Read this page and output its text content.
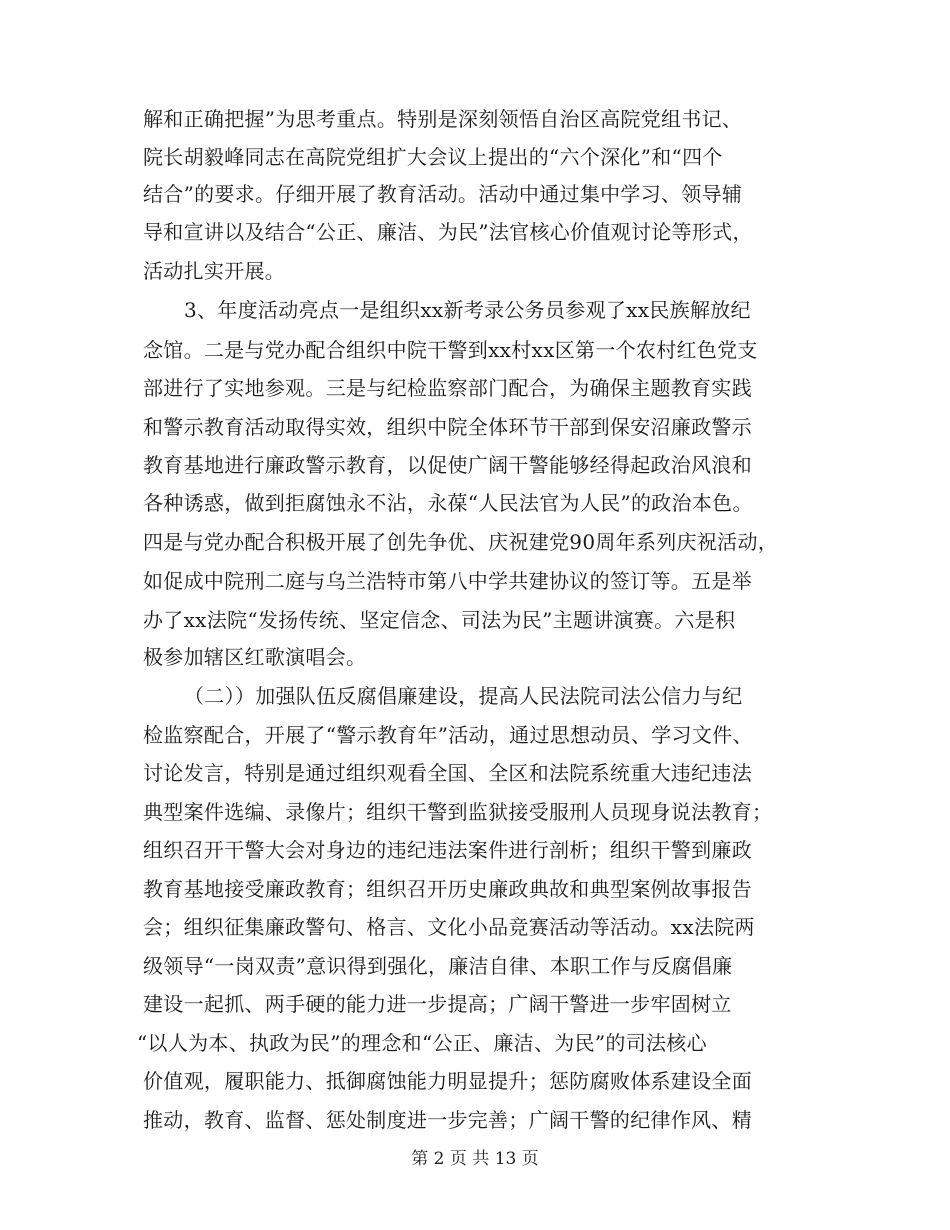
解和正确把握”为思考重点。特别是深刻领悟自治区高院党组书记、
院长胡毅峰同志在高院党组扩大会议上提出的“六个深化”和“四个
结合”的要求。仔细开展了教育活动。活动中通过集中学习、领导辅
导和宣讲以及结合“公正、廉洁、为民”法官核心价值观讨论等形式，
活动扎实开展。
3、年度活动亮点一是组织xx新考录公务员参观了xx民族解放纪
念馆。二是与党办配合组织中院干警到xx村xx区第一个农村红色党支
部进行了实地参观。三是与纪检监察部门配合，为确保主题教育实践
和警示教育活动取得实效，组织中院全体环节干部到保安沼廉政警示
教育基地进行廉政警示教育，以促使广阔干警能够经得起政治风浪和
各种诱惑，做到拒腐蚀永不沾，永葆“人民法官为人民”的政治本色。
四是与党办配合积极开展了创先争优、庆祝建党90周年系列庆祝活动，
如促成中院刑二庭与乌兰浩特市第八中学共建协议的签订等。五是举
办了xx法院“发扬传统、坚定信念、司法为民”主题讲演赛。六是积
极参加辖区红歌演唱会。
（二））加强队伍反腐倡廉建设，提高人民法院司法公信力与纪
检监察配合，开展了“警示教育年”活动，通过思想动员、学习文件、
讨论发言，特别是通过组织观看全国、全区和法院系统重大违纪违法
典型案件选编、录像片；组织干警到监狱接受服刑人员现身说法教育；
组织召开干警大会对身边的违纪违法案件进行剖析；组织干警到廉政
教育基地接受廉政教育；组织召开历史廉政典故和典型案例故事报告
会；组织征集廉政警句、格言、文化小品竞赛活动等活动。xx法院两
级领导“一岗双责”意识得到强化，廉洁自律、本职工作与反腐倡廉
建设一起抓、两手硬的能力进一步提高；广阔干警进一步牢固树立
“以人为本、执政为民”的理念和“公正、廉洁、为民”的司法核心
价值观，履职能力、抵御腐蚀能力明显提升；惩防腐败体系建设全面
推动，教育、监督、惩处制度进一步完善；广阔干警的纪律作风、精
第 2 页 共 13 页
